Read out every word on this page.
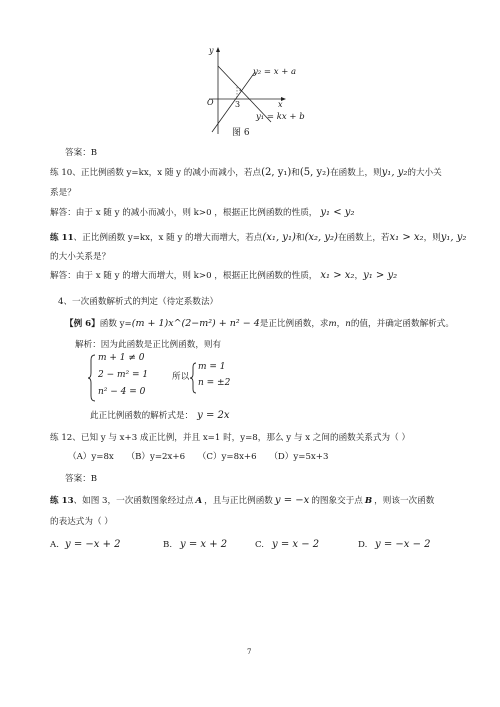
y
x
O	3
2
y₂ = x + a
y₁ = kx + b
图 6
答案：B
练 10、正比例函数 y=kx，x 随 y 的减小而减小，若点(2, y₁)和(5, y₂)在函数上，则y₁, y₂的大小关
系是？
解答：由于 x 随 y 的减小而减小，则 k>0 ，根据正比例函数的性质， y₁ < y₂
练 11、正比例函数 y=kx，x 随 y 的增大而增大，若点(x₁, y₁)和(x₂, y₂)在函数上，若x₁ > x₂，则y₁, y₂
的大小关系是？
解答：由于 x 随 y 的增大而增大，则 k>0 ，根据正比例函数的性质， x₁ > x₂，y₁ > y₂
4、一次函数解析式的判定（待定系数法）
【例 6】函数 y=(m + 1)x^(2−m²) + n² − 4是正比例函数，求m，n的值，并确定函数解析式。
解析：因为此函数是正比例函数，则有
m + 1 ≠ 0
2 − m² = 1
n² − 4 = 0
所以
m = 1
n = ±2
此正比例函数的解析式是： y = 2x
练 12、已知 y 与 x+3 成正比例，并且 x=1 时，y=8，那么 y 与 x 之间的函数关系式为（ ）
（A）y=8x （B）y=2x+6 （C）y=8x+6 （D）y=5x+3
答案：B
练 13、如图 3，一次函数图象经过点 A ，且与正比例函数 y = −x 的图象交于点 B ，则该一次函数
的表达式为（ ）
A. y = −x + 2	B. y = x + 2	C. y = x − 2	D. y = −x − 2
7
